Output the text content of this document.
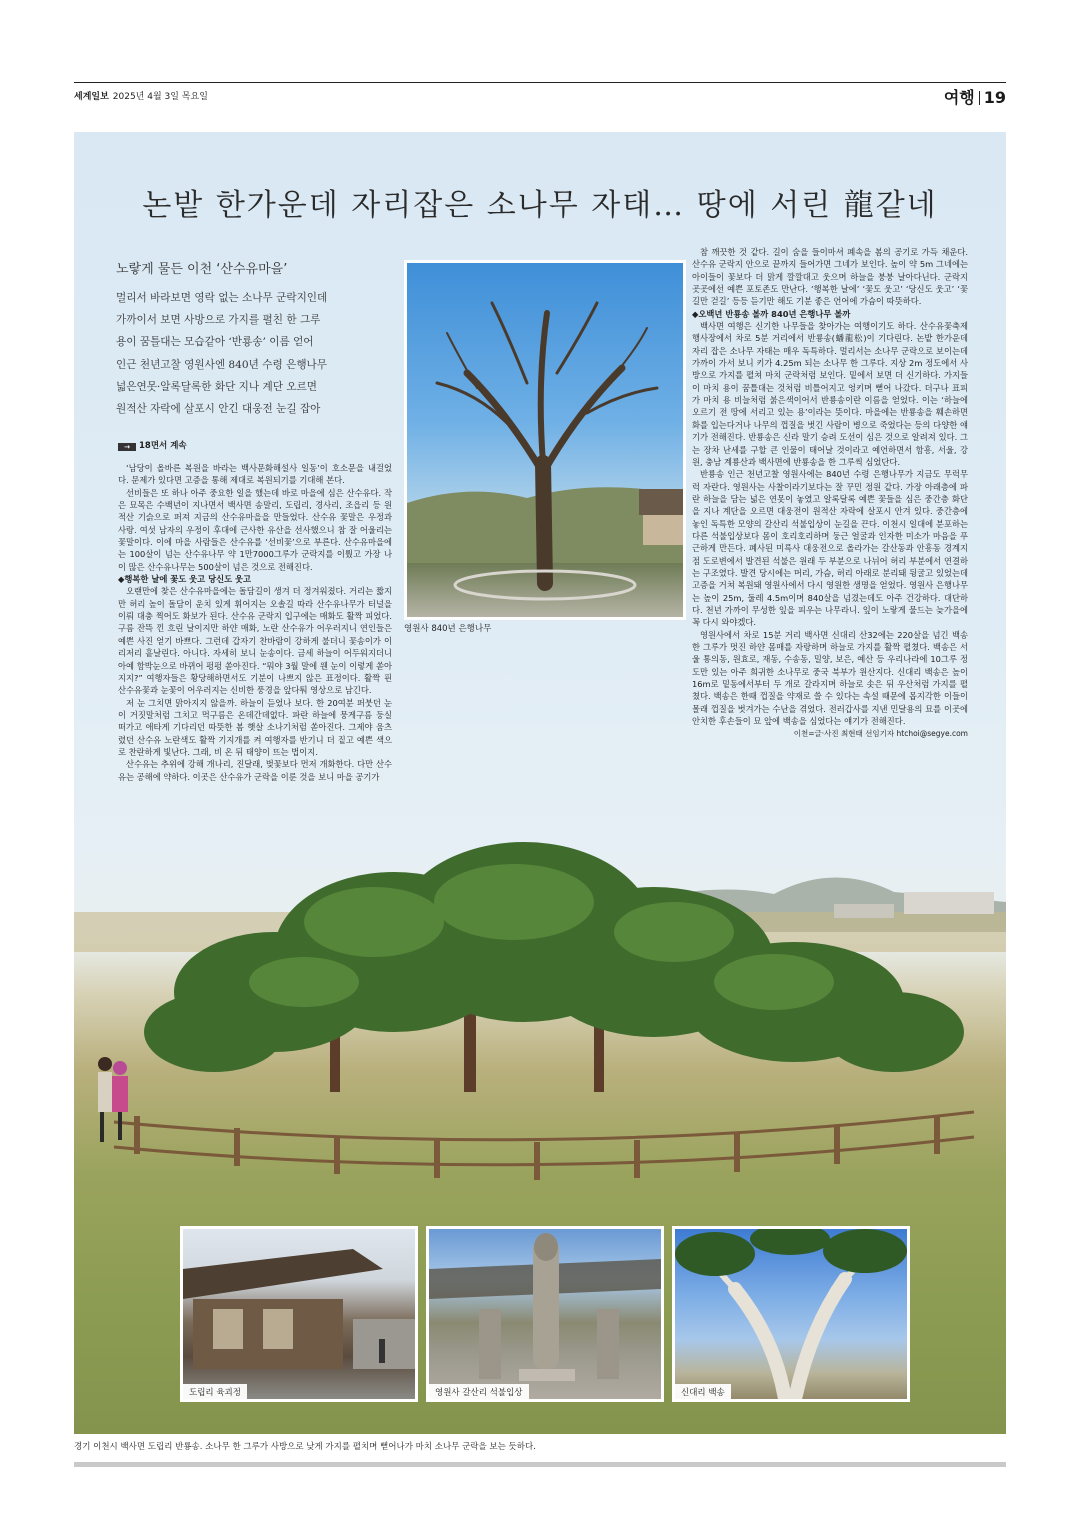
세계일보 2025년 4월 3일 목요일	여행 19
논밭 한가운데 자리잡은 소나무 자태… 땅에 서린 龍같네
노랗게 물든 이천 ‘산수유마을’
멀리서 바라보면 영락 없는 소나무 군락지인데
가까이서 보면 사방으로 가지를 펼친 한 그루
용이 꿈틀대는 모습같아 ‘반룡송’ 이름 얻어
인근 천년고찰 영원사엔 840년 수령 은행나무
넓은연못·알록달록한 화단 지나 계단 오르면
원적산 자락에 살포시 안긴 대웅전 눈길 잡아
→ 18면서 계속

‘남당이 올바른 복원을 바라는 백사문화해설사 일동’이 호소문을 내걸었다. 문제가 있다면 고증을 통해 제대로 복원되기를 기대해 본다.

선비들은 또 하나 아주 중요한 일을 했는데 바로 마을에 심은 산수유다. 작은 묘목은 수백년이 지나면서 백사면 송말리, 도립리, 경사리, 조읍리 등 원적산 기슭으로 퍼져 지금의 산수유마을을 만들었다. 산수유 꽃말은 우정과 사랑. 여섯 남자의 우정이 후대에 근사한 유산을 선사했으니 참 잘 어울리는 꽃말이다. 이에 마을 사람들은 산수유를 ‘선비꽃’으로 부른다. 산수유마을에는 100살이 넘는 산수유나무 약 1만7000그루가 군락지를 이뤘고 가장 나이 많은 산수유나무는 500살이 넘은 것으로 전해진다.

◆행복한 날에 꽃도 웃고 당신도 웃고

오랜만에 찾은 산수유마을에는 돌담길이 생겨 더 정겨워졌다. 거리는 짧지만 허리 높이 돌담이 운치 있게 휘어지는 오솔길 따라 산수유나무가 터널을 이뤄 대충 찍어도 화보가 된다. 산수유 군락지 입구에는 매화도 활짝 피었다. 구름 잔뜩 낀 흐린 날이지만 하얀 매화, 노란 산수유가 어우러지니 연인들은 예쁜 사진 얻기 바쁘다. 그런데 갑자기 찬바람이 강하게 불더니 꽃송이가 이리저리 흩날린다. 아니다. 자세히 보니 눈송이다. 금세 하늘이 어두워지더니 아예 함박눈으로 바뀌어 펑펑 쏟아진다. “뭐야 3월 말에 웬 눈이 이렇게 쏟아지지?” 여행자들은 황당해하면서도 기분이 나쁘지 않은 표정이다. 활짝 핀 산수유꽃과 눈꽃이 어우러지는 신비한 풍경을 앞다퉈 영상으로 남긴다.

저 눈 그치면 맑아지지 않을까. 하늘이 듣었나 보다. 한 20여분 퍼붓던 눈이 거짓말처럼 그치고 먹구름은 온데간데없다. 파란 하늘에 뭉게구름 둥실 떠가고 애타게 기다리던 따뜻한 봄 햇살 소나기처럼 쏟아진다. 그제야 움츠렸던 산수유 노란색도 활짝 기지개를 켜 여행자를 반기니 더 짙고 예쁜 색으로 찬란하게 빛난다. 그래, 비 온 뒤 태양이 뜨는 법이지.

산수유는 추위에 강해 개나리, 진달래, 벚꽃보다 먼저 개화한다. 다만 산수유는 공해에 약하다. 이곳은 산수유가 군락을 이룬 것을 보니 마을 공기가

영원사 840년 은행나무

참 깨끗한 것 같다. 길이 숨을 들이마셔 폐속을 봄의 공기로 가득 채운다. 산수유 군락지 안으로 끝까지 들어가면 그네가 보인다. 높이 약 5m 그네에는 아이들이 꽃보다 더 맑게 깔깔대고 웃으며 하늘을 붕붕 날아다닌다. 군락지 곳곳에선 예쁜 포토존도 만난다. ‘행복한 날에’ ‘꽃도 웃고’ ‘당신도 웃고’ ‘꽃길만 걷길’ 등등 듣기만 해도 기분 좋은 언어에 가슴이 따뜻하다.

◆오백년 반룡송 볼까 840년 은행나무 볼까

백사면 여행은 신기한 나무들을 찾아가는 여행이기도 하다. 산수유꽃축제 행사장에서 차로 5분 거리에서 반룡송(蟠龍松)이 기다린다. 논밭 한가운데 자리 잡은 소나무 자태는 매우 독특하다. 멀리서는 소나무 군락으로 보이는데 가까이 가서 보니 키가 4.25m 되는 소나무 한 그루다. 지상 2m 정도에서 사방으로 가지를 펼쳐 마치 군락처럼 보인다. 밑에서 보면 더 신기하다. 가지들이 마치 용이 꿈틀대는 것처럼 비틀어지고 엉키며 뻗어 나갔다. 더구나 표피가 마치 용 비늘처럼 붉은색이어서 반룡송이란 이름을 얻었다. 이는 ‘하늘에 오르기 전 땅에 서리고 있는 용’이라는 뜻이다. 마을에는 반룡송을 훼손하면 화를 입는다거나 나무의 껍질을 벗긴 사람이 병으로 죽었다는 등의 다양한 얘기가 전해진다. 반룡송은 신라 말기 승려 도선이 심은 것으로 알려져 있다. 그는 장차 난세를 구할 큰 인물이 태어날 것이라고 예언하면서 함흥, 서울, 강원, 충남 계룡산과 백사면에 반룡송을 한 그루씩 심었단다.

반룡송 인근 천년고찰 영원사에는 840년 수령 은행나무가 지금도 무럭무럭 자란다. 영원사는 사찰이라기보다는 잘 꾸민 정원 같다. 가장 아래층에 파란 하늘을 담는 넓은 연못이 놓였고 알록달록 예쁜 꽃들을 심은 중간층 화단을 지나 계단을 오르면 대웅전이 원적산 자락에 살포시 안겨 있다. 중간층에 놓인 독특한 모양의 갈산리 석불입상이 눈길을 끈다. 이천시 일대에 분포하는 다른 석불입상보다 몸이 호리호리하며 둥근 얼굴과 인자한 미소가 마음을 푸근하게 만든다. 폐사된 미륵사 대웅전으로 올라가는 갈산동과 안흥동 경계지점 도로변에서 발견된 석불은 원래 두 부분으로 나뉘어 허리 부분에서 연결하는 구조였다. 발견 당시에는 머리, 가슴, 허리 아래로 분리돼 뒹굴고 있었는데 고증을 거쳐 복원돼 영원사에서 다시 영원한 생명을 얻었다. 영원사 은행나무는 높이 25m, 둘레 4.5m이며 840살을 넘겼는데도 아주 건강하다. 대단하다. 천년 가까이 무성한 잎을 피우는 나무라니. 잎이 노랗게 물드는 늦가을에 꼭 다시 와야겠다.

영원사에서 차로 15분 거리 백사면 신대리 산32에는 220살을 넘긴 백송 한 그루가 멋진 하얀 몸매를 자랑하며 하늘로 가지를 활짝 펼쳤다. 백송은 서울 통의동, 원효로, 재동, 수송동, 밀양, 보은, 예산 등 우리나라에 10그루 정도만 있는 아주 희귀한 소나무로 중국 북부가 원산지다. 신대리 백송은 높이 16m로 밑동에서부터 두 개로 갈라지며 하늘로 솟은 뒤 우산처럼 가지를 펼쳤다. 백송은 한때 껍질을 약재로 쓸 수 있다는 속설 때문에 몹지각한 이들이 몰래 껍질을 벗겨가는 수난을 겪었다. 전러갑사를 지낸 민달용의 묘를 이곳에 안치한 후손들이 묘 앞에 백송을 심었다는 얘기가 전해진다.

이천=글·사진 최현태 선임기자 htchoi@segye.com
도립리 육괴정	영원사 갈산리 석불입상	신대리 백송
경기 이천시 백사면 도립리 반룡송. 소나무 한 그루가 사방으로 낮게 가지를 펼치며 뻗어나가 마치 소나무 군락을 보는 듯하다.
